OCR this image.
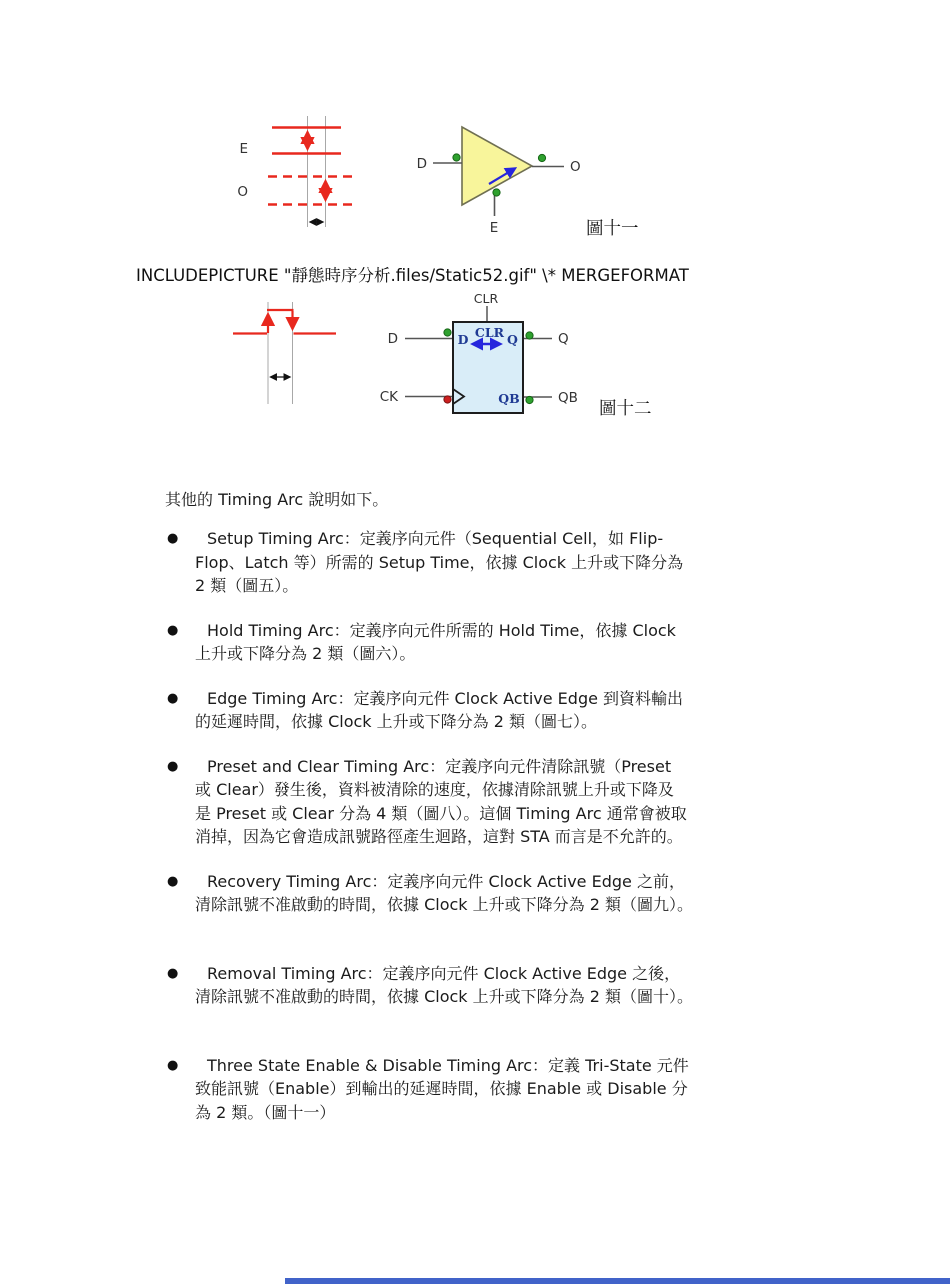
E
O
D	O
E	圖十一
INCLUDEPICTURE "靜態時序分析.files/Static52.gif" \* MERGEFORMAT
CLR
D
CK
Q
QB
D CLR Q
QB
圖十二
其他的 Timing Arc 說明如下。
●	Setup Timing Arc：定義序向元件（Sequential Cell，如 Flip-
Flop、Latch 等）所需的 Setup Time，依據 Clock 上升或下降分為
2 類（圖五）。
●	Hold Timing Arc：定義序向元件所需的 Hold Time，依據 Clock
上升或下降分為 2 類（圖六）。
●	Edge Timing Arc：定義序向元件 Clock Active Edge 到資料輸出
的延遲時間，依據 Clock 上升或下降分為 2 類（圖七）。
●	Preset and Clear Timing Arc：定義序向元件清除訊號（Preset
或 Clear）發生後，資料被清除的速度，依據清除訊號上升或下降及
是 Preset 或 Clear 分為 4 類（圖八）。這個 Timing Arc 通常會被取
消掉，因為它會造成訊號路徑產生迴路，這對 STA 而言是不允許的。
●	Recovery Timing Arc：定義序向元件 Clock Active Edge 之前，
清除訊號不准啟動的時間，依據 Clock 上升或下降分為 2 類（圖九）。
●	Removal Timing Arc：定義序向元件 Clock Active Edge 之後，
清除訊號不准啟動的時間，依據 Clock 上升或下降分為 2 類（圖十）。
●	Three State Enable & Disable Timing Arc：定義 Tri-State 元件
致能訊號（Enable）到輸出的延遲時間，依據 Enable 或 Disable 分
為 2 類。（圖十一）
